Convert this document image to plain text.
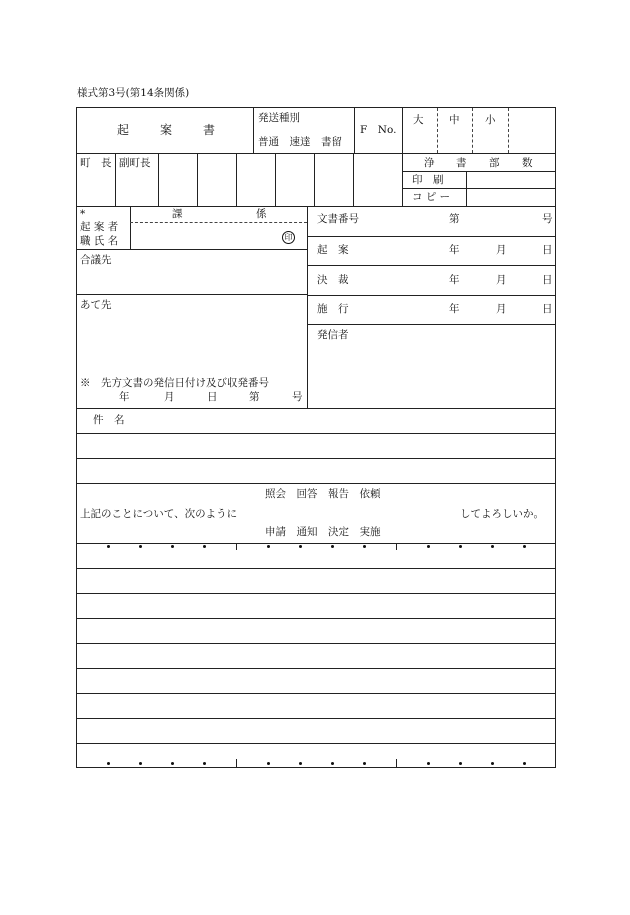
様式第3号(第14条関係)
起	案	書
発送種別
普通　速達　書留
F　No.
大 中 小
町　長 副町長	浄 書 部 数
印　刷
コ ピ ー
*
起 案 者
職 氏 名
課	係
印
合議先
あて先
※　先方文書の発信日付け及び収発番号
年	月	日	第	号
文書番号	第	号
起　案	年	月	日
決　裁	年	月	日
施　行	年	月	日
発信者
件　名
照会　回答　報告　依頼
上記のことについて、次のように	してよろしいか。
申請　通知　決定　実施
